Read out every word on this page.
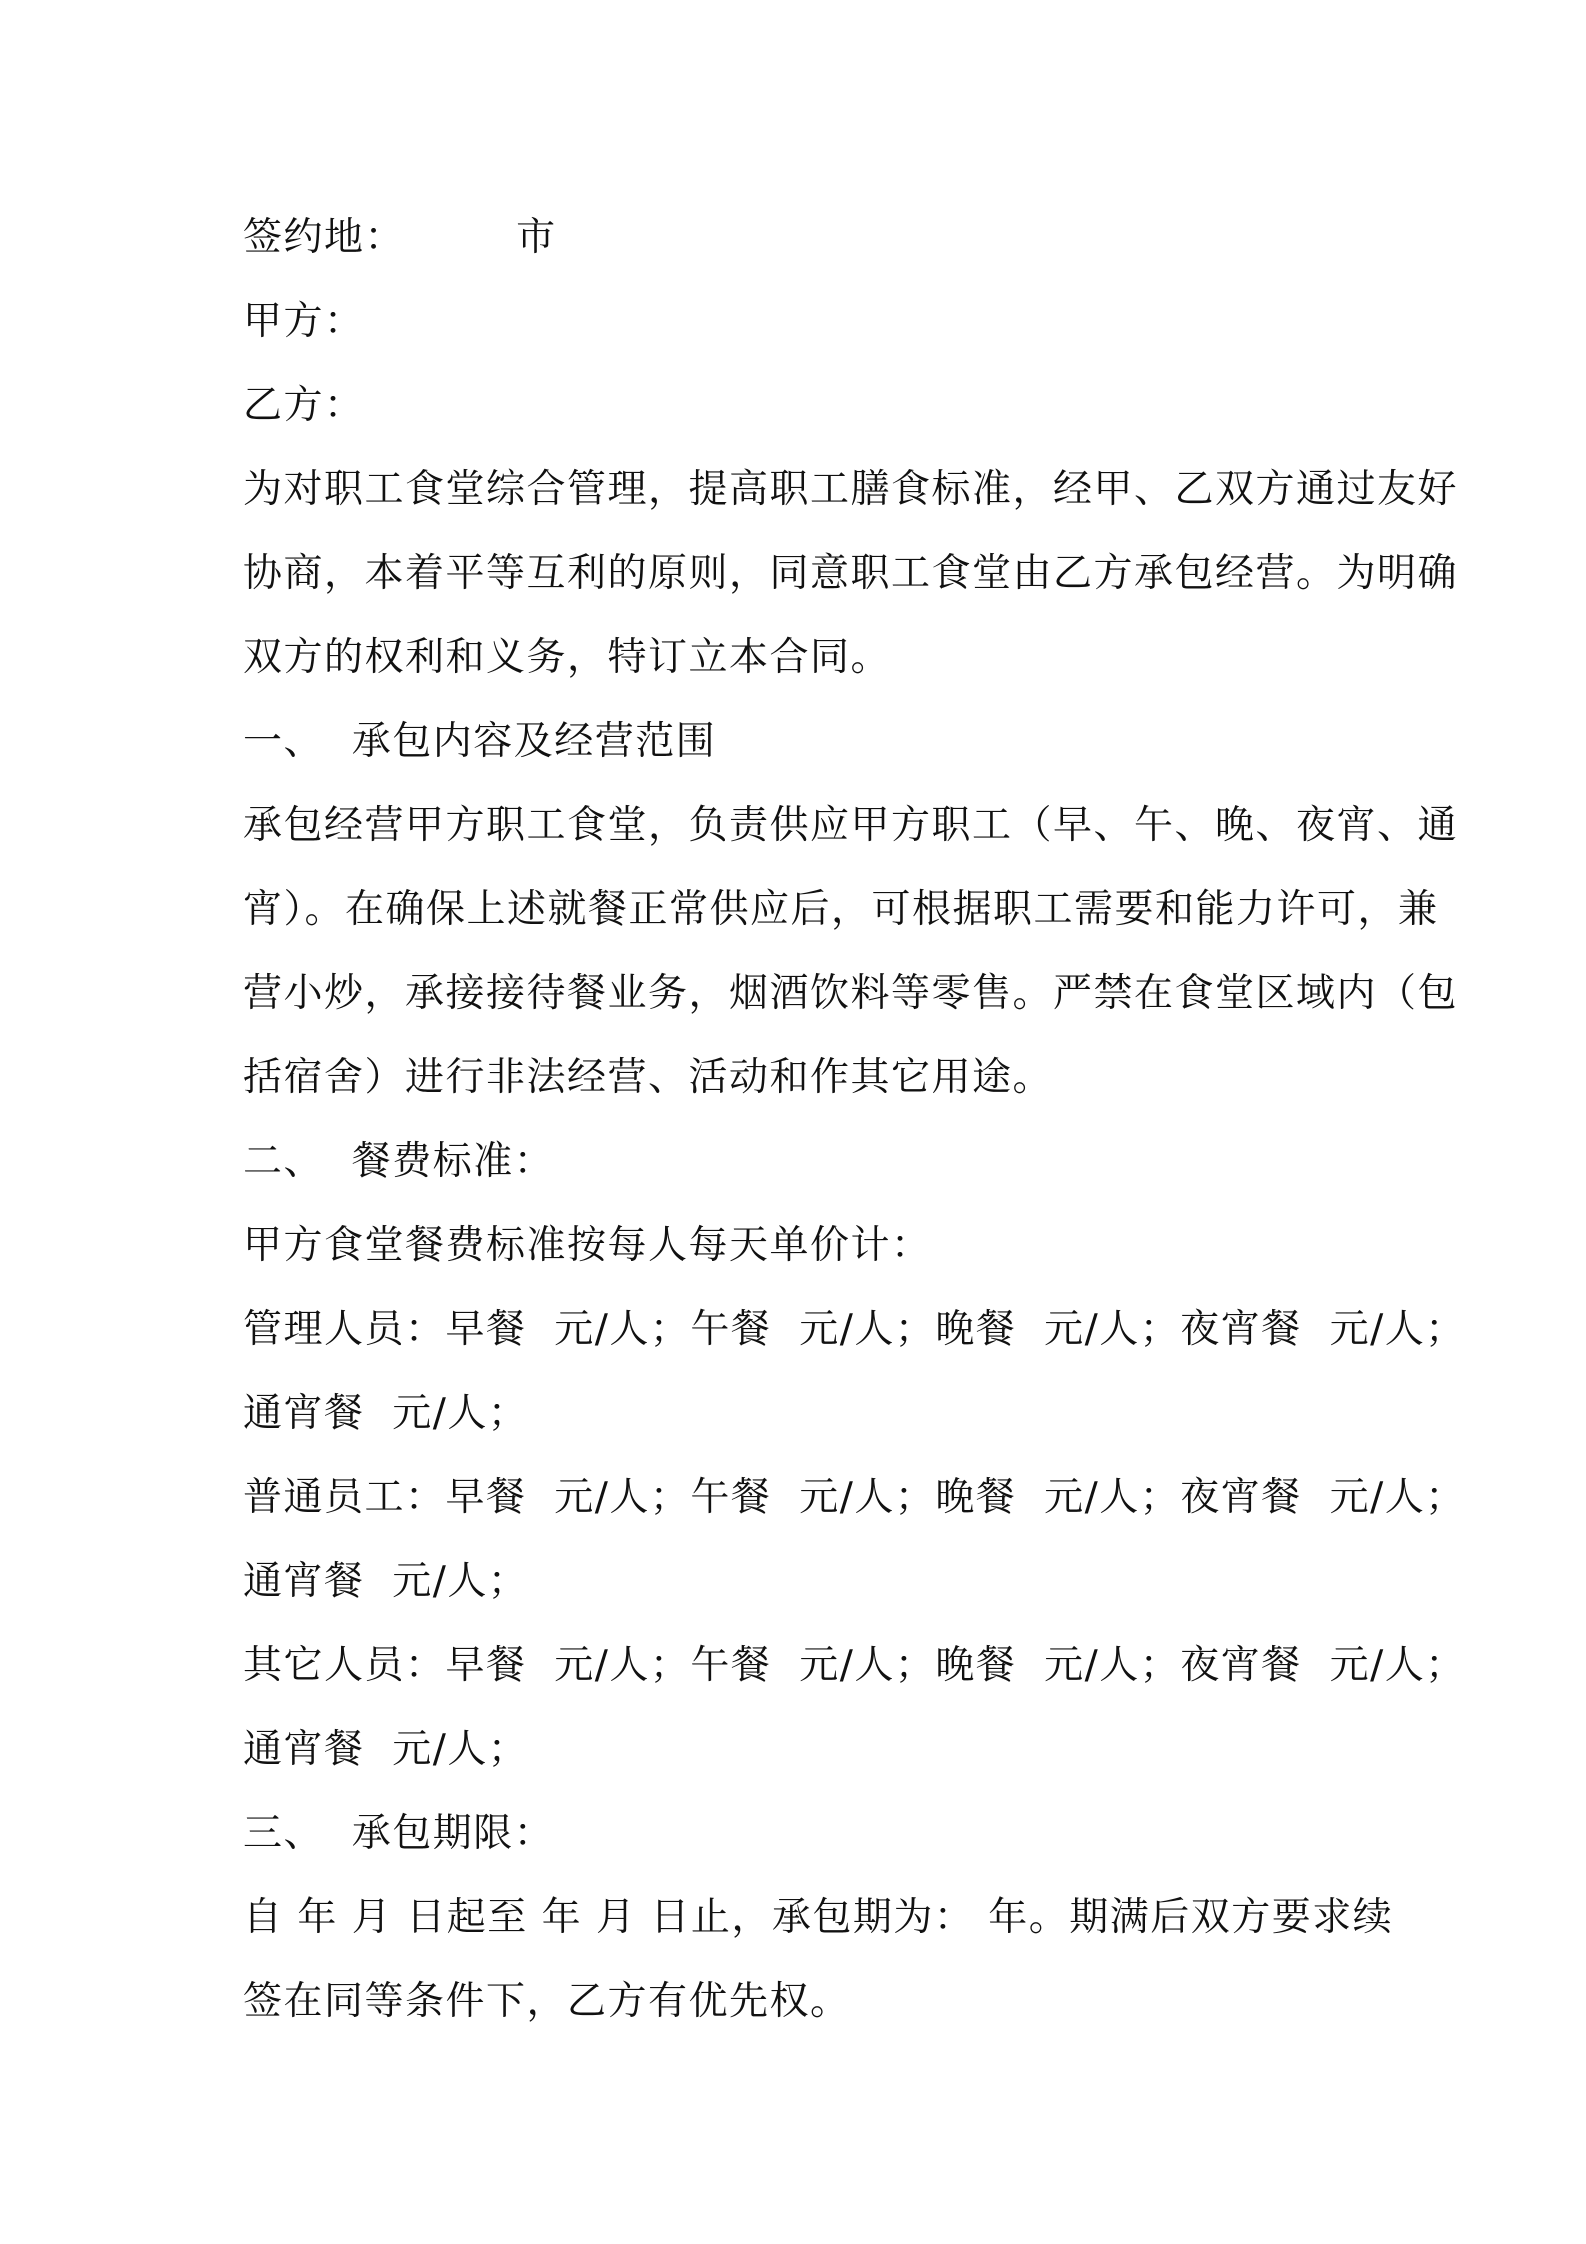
签约地：        市

甲方：

乙方：

为对职工食堂综合管理，提高职工膳食标准，经甲、乙双方通过友好

协商，本着平等互利的原则，同意职工食堂由乙方承包经营。为明确

双方的权利和义务，特订立本合同。

一、  承包内容及经营范围

承包经营甲方职工食堂，负责供应甲方职工（早、午、晚、夜宵、通

宵）。在确保上述就餐正常供应后，可根据职工需要和能力许可，兼

营小炒，承接接待餐业务，烟酒饮料等零售。严禁在食堂区域内（包

括宿舍）进行非法经营、活动和作其它用途。

二、  餐费标准：

甲方食堂餐费标准按每人每天单价计：

管理人员：早餐  元/人；午餐  元/人；晚餐  元/人；夜宵餐  元/人；

通宵餐  元/人；

普通员工：早餐  元/人；午餐  元/人；晚餐  元/人；夜宵餐  元/人；

通宵餐  元/人；

其它人员：早餐  元/人；午餐  元/人；晚餐  元/人；夜宵餐  元/人；

通宵餐  元/人；

三、  承包期限：

自 年 月 日起至 年 月 日止，承包期为： 年。期满后双方要求续

签在同等条件下，乙方有优先权。
